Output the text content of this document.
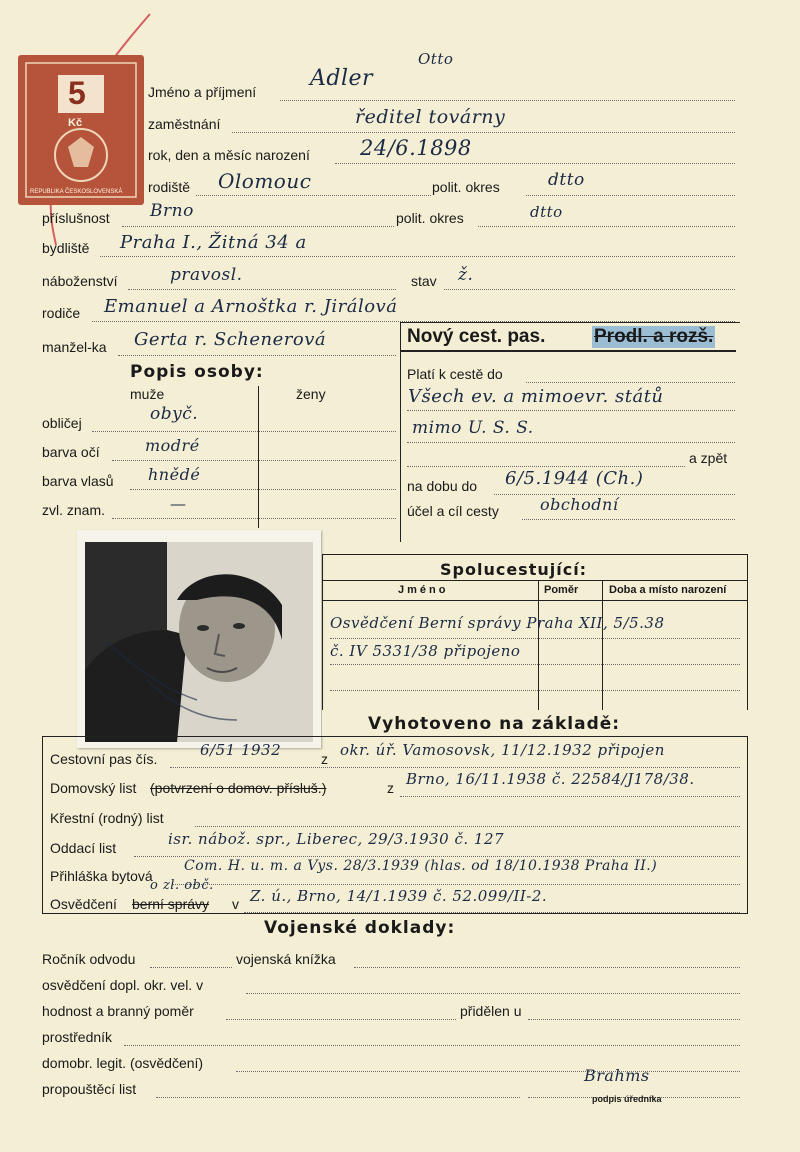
5
Kč
REPUBLIKA ČESKOSLOVENSKÁ
Jméno a příjmení
Adler
Otto
zaměstnání	ředitel továrny
rok, den a měsíc narození 24/6.1898
rodiště Olomouc	polit. okres	dtto
příslušnost Brno	polit. okres	dtto
bydliště Praha I., Žitná 34 a
náboženství	pravosl.	stav ž.
rodiče Emanuel a Arnoštka r. Jirálová
manžel-ka Gerta r. Schenerová	Nový cest. pas.	Prodl. a rozš.
Platí k cestě do
Všech ev. a mimoevr. států
mimo U. S. S.
a zpět
na dobu do 6/5.1944 (Ch.)
účel a cíl cesty	obchodní
Popis osoby:
muže	ženy
obličej	obyč.
barva očí	modré
barva vlasů hnědé
zvl. znam.	—
Spolucestující:
Jméno	Poměr	Doba a místo narození
Osvědčení Berní správy Praha XII, 5/5.38
č. IV 5331/38 připojeno
Vyhotoveno na základě:
Cestovní pas čís.	6/51 1932	z okr. úř. Vamosovsk, 11/12.1932 připojen
Domovský list (potvrzení o domov. přísluš.)	z Brno, 16/11.1938 č. 22584/J178/38.
Křestní (rodný) list
Oddací list	isr. nábož. spr., Liberec, 29/3.1930 č. 127
Přihláška bytová
Com. H. u. m. a Vys. 28/3.1939 (hlas. od 18/10.1938 Praha II.)
Osvědčení berní správy v
o zl. obč.
Z. ú., Brno, 14/1.1939 č. 52.099/II-2.
Vojenské doklady:
Ročník odvodu	vojenská knížka
osvědčení dopl. okr. vel. v
hodnost a branný poměr	přidělen u
prostředník
domobr. legit. (osvědčení)
propouštěcí list
Brahms
podpis úředníka
